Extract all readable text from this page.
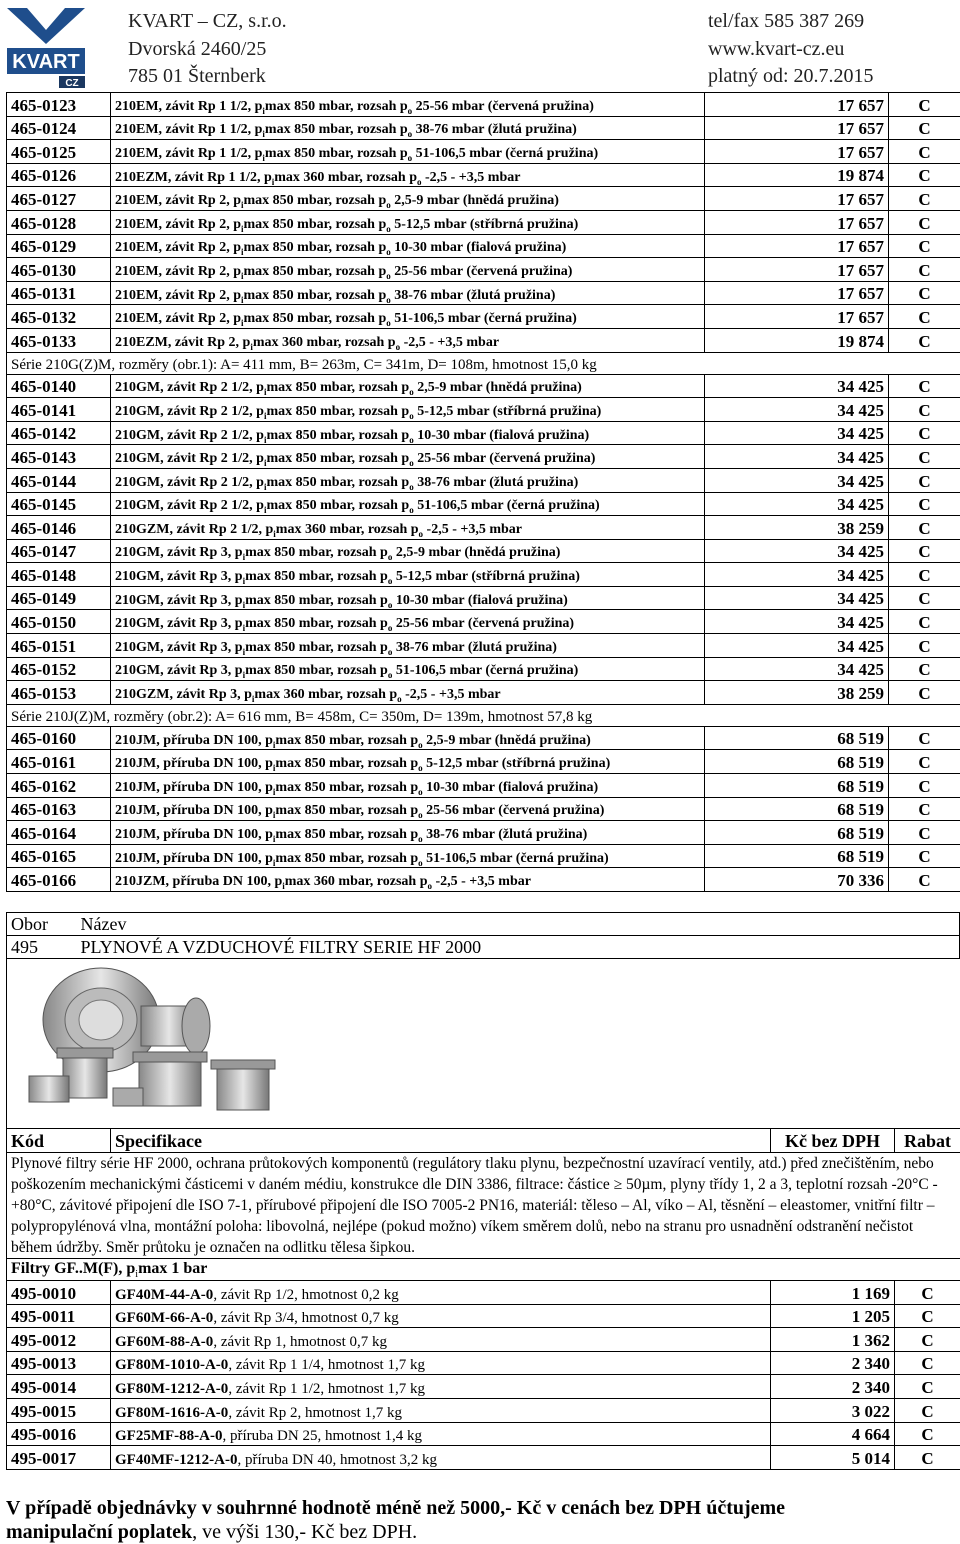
KVART
CZ
KVART – CZ, s.r.o.
Dvorská 2460/25
785 01 Šternberk
tel/fax 585 387 269
www.kvart-cz.eu
platný od: 20.7.2015
465-0123	210EM, závit Rp 1 1/2, $p_i\max$ 850 mbar, rozsah $p_o$ 25-56 mbar (červená pružina)	17 657	C
465-0124	210EM, závit Rp 1 1/2, $p_i\max$ 850 mbar, rozsah $p_o$ 38-76 mbar (žlutá pružina)	17 657	C
465-0125	210EM, závit Rp 1 1/2, $p_i\max$ 850 mbar, rozsah $p_o$ 51-106,5 mbar (černá pružina)	17 657	C
465-0126	210EZM, závit Rp 1 1/2, $p_i\max$ 360 mbar, rozsah $p_o$ -2,5 - +3,5 mbar	19 874	C
465-0127	210EM, závit Rp 2, $p_i\max$ 850 mbar, rozsah $p_o$ 2,5-9 mbar (hnědá pružina)	17 657	C
465-0128	210EM, závit Rp 2, $p_i\max$ 850 mbar, rozsah $p_o$ 5-12,5 mbar (stříbrná pružina)	17 657	C
465-0129	210EM, závit Rp 2, $p_i\max$ 850 mbar, rozsah $p_o$ 10-30 mbar (fialová pružina)	17 657	C
465-0130	210EM, závit Rp 2, $p_i\max$ 850 mbar, rozsah $p_o$ 25-56 mbar (červená pružina)	17 657	C
465-0131	210EM, závit Rp 2, $p_i\max$ 850 mbar, rozsah $p_o$ 38-76 mbar (žlutá pružina)	17 657	C
465-0132	210EM, závit Rp 2, $p_i\max$ 850 mbar, rozsah $p_o$ 51-106,5 mbar (černá pružina)	17 657	C
465-0133	210EZM, závit Rp 2, $p_i\max$ 360 mbar, rozsah $p_o$ -2,5 - +3,5 mbar	19 874	C
Série 210G(Z)M, rozměry (obr.1): A= 411 mm, B= 263m, C= 341m, D= 108m, hmotnost 15,0 kg			
465-0140	210GM, závit Rp 2 1/2, $p_i\max$ 850 mbar, rozsah $p_o$ 2,5-9 mbar (hnědá pružina)	34 425	C
465-0141	210GM, závit Rp 2 1/2, $p_i\max$ 850 mbar, rozsah $p_o$ 5-12,5 mbar (stříbrná pružina)	34 425	C
465-0142	210GM, závit Rp 2 1/2, $p_i\max$ 850 mbar, rozsah $p_o$ 10-30 mbar (fialová pružina)	34 425	C
465-0143	210GM, závit Rp 2 1/2, $p_i\max$ 850 mbar, rozsah $p_o$ 25-56 mbar (červená pružina)	34 425	C
465-0144	210GM, závit Rp 2 1/2, $p_i\max$ 850 mbar, rozsah $p_o$ 38-76 mbar (žlutá pružina)	34 425	C
465-0145	210GM, závit Rp 2 1/2, $p_i\max$ 850 mbar, rozsah $p_o$ 51-106,5 mbar (černá pružina)	34 425	C
465-0146	210GZM, závit Rp 2 1/2, $p_i\max$ 360 mbar, rozsah $p_o$ -2,5 - +3,5 mbar	38 259	C
465-0147	210GM, závit Rp 3, $p_i\max$ 850 mbar, rozsah $p_o$ 2,5-9 mbar (hnědá pružina)	34 425	C
465-0148	210GM, závit Rp 3, $p_i\max$ 850 mbar, rozsah $p_o$ 5-12,5 mbar (stříbrná pružina)	34 425	C
465-0149	210GM, závit Rp 3, $p_i\max$ 850 mbar, rozsah $p_o$ 10-30 mbar (fialová pružina)	34 425	C
465-0150	210GM, závit Rp 3, $p_i\max$ 850 mbar, rozsah $p_o$ 25-56 mbar (červená pružina)	34 425	C
465-0151	210GM, závit Rp 3, $p_i\max$ 850 mbar, rozsah $p_o$ 38-76 mbar (žlutá pružina)	34 425	C
465-0152	210GM, závit Rp 3, $p_i\max$ 850 mbar, rozsah $p_o$ 51-106,5 mbar (černá pružina)	34 425	C
465-0153	210GZM, závit Rp 3, $p_i\max$ 360 mbar, rozsah $p_o$ -2,5 - +3,5 mbar	38 259	C
Série 210J(Z)M, rozměry (obr.2): A= 616 mm, B= 458m, C= 350m, D= 139m, hmotnost 57,8 kg			
465-0160	210JM, příruba DN 100, $p_i\max$ 850 mbar, rozsah $p_o$ 2,5-9 mbar (hnědá pružina)	68 519	C
465-0161	210JM, příruba DN 100, $p_i\max$ 850 mbar, rozsah $p_o$ 5-12,5 mbar (stříbrná pružina)	68 519	C
465-0162	210JM, příruba DN 100, $p_i\max$ 850 mbar, rozsah $p_o$ 10-30 mbar (fialová pružina)	68 519	C
465-0163	210JM, příruba DN 100, $p_i\max$ 850 mbar, rozsah $p_o$ 25-56 mbar (červená pružina)	68 519	C
465-0164	210JM, příruba DN 100, $p_i\max$ 850 mbar, rozsah $p_o$ 38-76 mbar (žlutá pružina)	68 519	C
465-0165	210JM, příruba DN 100, $p_i\max$ 850 mbar, rozsah $p_o$ 51-106,5 mbar (černá pružina)	68 519	C
465-0166	210JZM, příruba DN 100, $p_i\max$ 360 mbar, rozsah $p_o$ -2,5 - +3,5 mbar	70 336	C
Obor	Název
495	PLYNOVÉ A VZDUCHOVÉ FILTRY SERIE HF 2000
Kód	Specifikace	Kč bez DPH	Rabat
Plynové filtry série HF 2000, ochrana průtokových komponentů (regulátory tlaku plynu, bezpečnostní uzavírací ventily, atd.) před znečištěním, nebo poškozením mechanickými částicemi v daném médiu, konstrukce dle DIN 3386, filtrace: částice ≥ 50µm, plyny třídy 1, 2 a 3, teplotní rozsah -20°C - +80°C, závitové připojení dle ISO 7-1, přírubové připojení dle ISO 7005-2 PN16, materiál: těleso – Al, víko – Al, těsnění – eleastomer, vnitřní filtr – polypropylénová vlna, montážní poloha: libovolná, nejlépe (pokud možno) víkem směrem dolů, nebo na stranu pro usnadnění odstranění nečistot během údržby. Směr průtoku je označen na odlitku tělesa šipkou.			
Filtry GF..M(F), $p_i\max$ 1 bar			
495-0010	GF40M-44-A-0, závit Rp 1/2, hmotnost 0,2 kg	1 169	C
495-0011	GF60M-66-A-0, závit Rp 3/4, hmotnost 0,7 kg	1 205	C
495-0012	GF60M-88-A-0, závit Rp 1, hmotnost 0,7 kg	1 362	C
495-0013	GF80M-1010-A-0, závit Rp 1 1/4, hmotnost 1,7 kg	2 340	C
495-0014	GF80M-1212-A-0, závit Rp 1 1/2, hmotnost 1,7 kg	2 340	C
495-0015	GF80M-1616-A-0, závit Rp 2, hmotnost 1,7 kg	3 022	C
495-0016	GF25MF-88-A-0, příruba DN 25, hmotnost 1,4 kg	4 664	C
495-0017	GF40MF-1212-A-0, příruba DN 40, hmotnost 3,2 kg	5 014	C
V případě objednávky v souhrnné hodnotě méně než 5000,- Kč v cenách bez DPH účtujeme
manipulační poplatek, ve výši 130,- Kč bez DPH.
